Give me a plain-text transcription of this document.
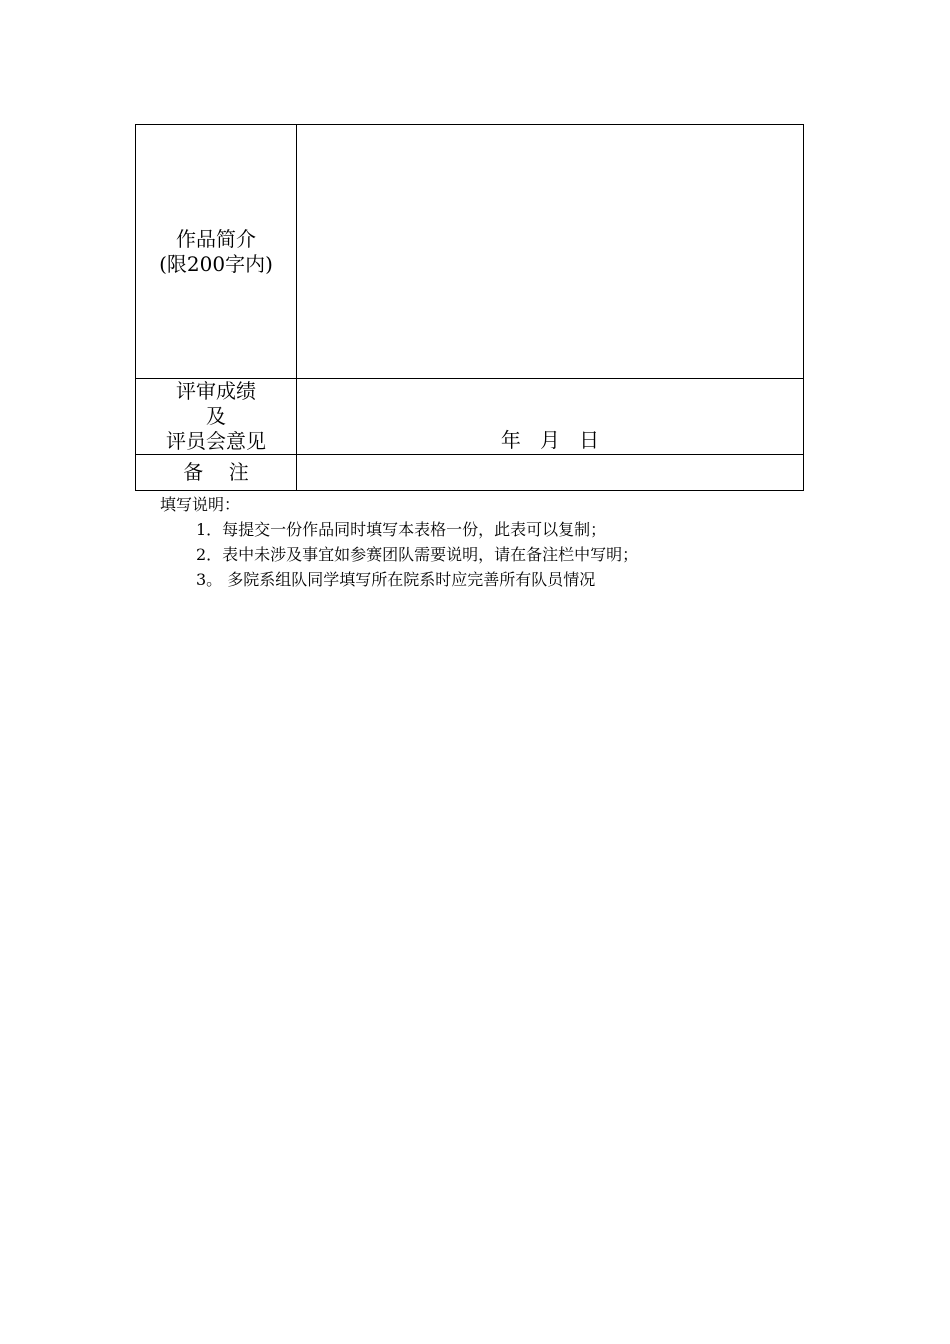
作品简介
(限200字内)	

评审成绩
及
评员会意见	年   月   日

备    注	
填写说明：
1．每提交一份作品同时填写本表格一份，此表可以复制；
2．表中未涉及事宜如参赛团队需要说明，请在备注栏中写明；
3。 多院系组队同学填写所在院系时应完善所有队员情况
